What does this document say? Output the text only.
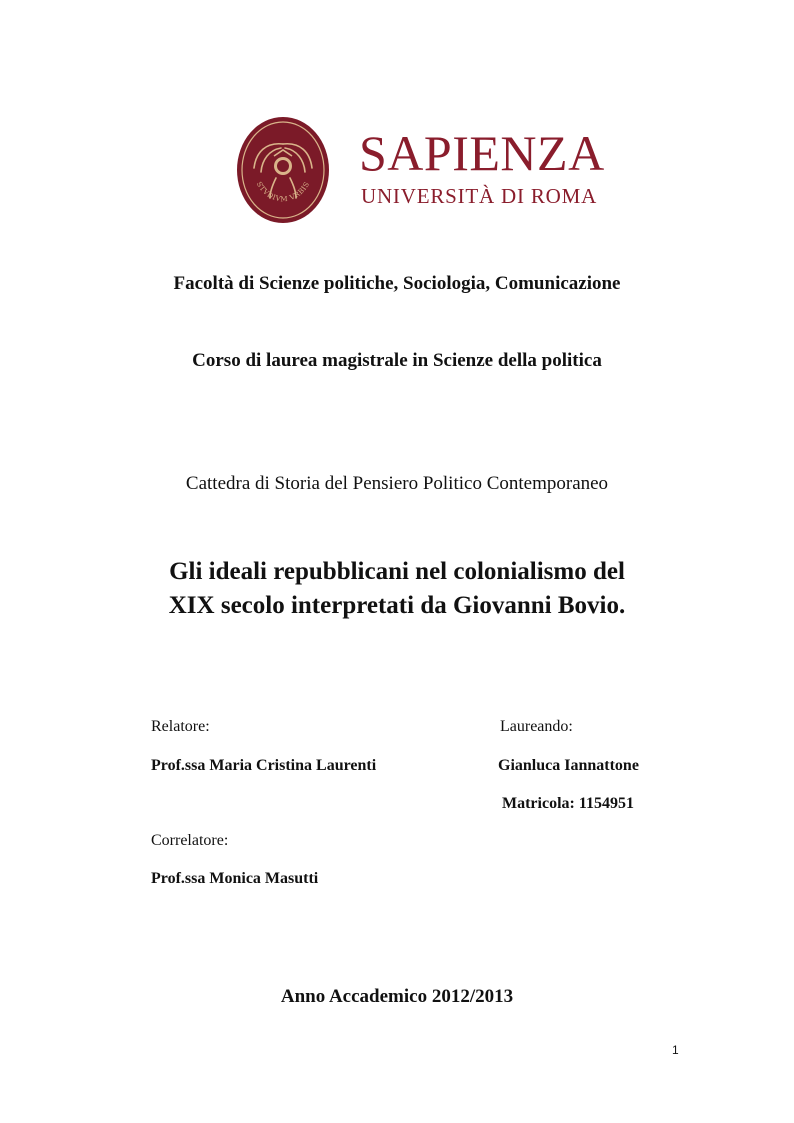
STVDIVM VRBIS
SAPIENZA
UNIVERSITÀ DI ROMA
Facoltà di Scienze politiche, Sociologia, Comunicazione
Corso di laurea magistrale in Scienze della politica
Cattedra di Storia del Pensiero Politico Contemporaneo
Gli ideali repubblicani nel colonialismo del
XIX secolo interpretati da Giovanni Bovio.
Relatore:
Prof.ssa Maria Cristina Laurenti
Laureando:
Gianluca Iannattone
Matricola: 1154951
Correlatore:
Prof.ssa Monica Masutti
Anno Accademico 2012/2013
1
